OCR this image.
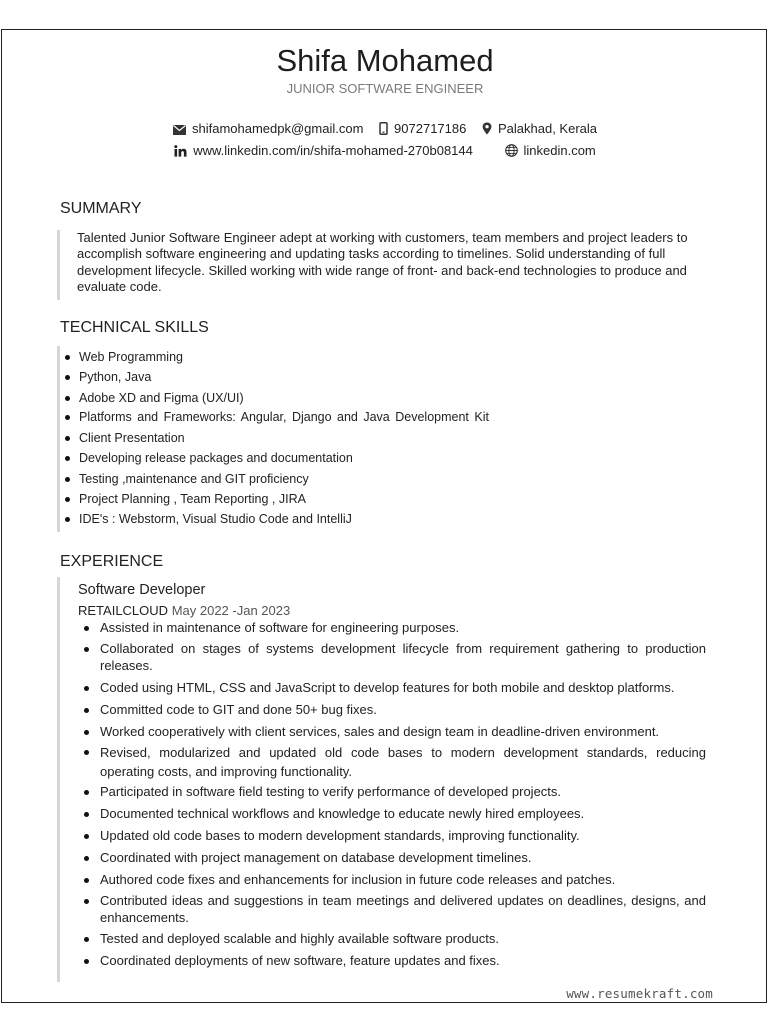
Shifa Mohamed
JUNIOR SOFTWARE ENGINEER
shifamohamedpk@gmail.com 9072717186 Palakhad, Kerala
www.linkedin.com/in/shifa-mohamed-270b08144	linkedin.com
SUMMARY
Talented Junior Software Engineer adept at working with customers, team members and project leaders to accomplish software engineering and updating tasks according to timelines. Solid understanding of full development lifecycle. Skilled working with wide range of front- and back-end technologies to produce and evaluate code.
TECHNICAL SKILLS
Web Programming
Python, Java
Adobe XD and Figma (UX/UI)
Platforms and Frameworks: Angular, Django and Java Development Kit
Client Presentation
Developing release packages and documentation
Testing ,maintenance and GIT proficiency
Project Planning , Team Reporting , JIRA
IDE's : Webstorm, Visual Studio Code and IntelliJ
EXPERIENCE
Software Developer
RETAILCLOUD May 2022 -Jan 2023
Assisted in maintenance of software for engineering purposes.
Collaborated on stages of systems development lifecycle from requirement gathering to production releases.
Coded using HTML, CSS and JavaScript to develop features for both mobile and desktop platforms.
Committed code to GIT and done 50+ bug fixes.
Worked cooperatively with client services, sales and design team in deadline-driven environment.
Revised, modularized and updated old code bases to modern development standards, reducing operating costs, and improving functionality.
Participated in software field testing to verify performance of developed projects.
Documented technical workflows and knowledge to educate newly hired employees.
Updated old code bases to modern development standards, improving functionality.
Coordinated with project management on database development timelines.
Authored code fixes and enhancements for inclusion in future code releases and patches.
Contributed ideas and suggestions in team meetings and delivered updates on deadlines, designs, and enhancements.
Tested and deployed scalable and highly available software products.
Coordinated deployments of new software, feature updates and fixes.
www.resumekraft.com
